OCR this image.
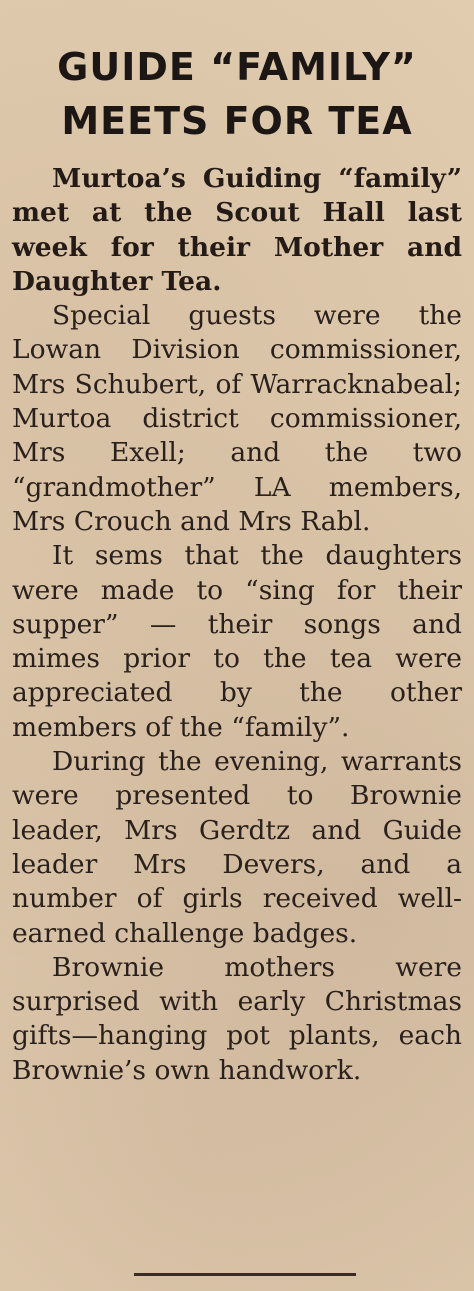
GUIDE “FAMILY”
MEETS FOR TEA

Murtoa’s Guiding “family” met at the Scout Hall last week for their Mother and Daughter Tea.

Special guests were the Lowan Division commissioner, Mrs Schubert, of Warracknabeal; Murtoa district commissioner, Mrs Exell; and the two “grandmother” LA members, Mrs Crouch and Mrs Rabl.

It sems that the daughters were made to “sing for their supper” — their songs and mimes prior to the tea were appreciated by the other members of the “family”.

During the evening, warrants were presented to Brownie leader, Mrs Gerdtz and Guide leader Mrs Devers, and a number of girls received well-earned challenge badges.

Brownie mothers were surprised with early Christmas gifts—hanging pot plants, each Brownie’s own handwork.
